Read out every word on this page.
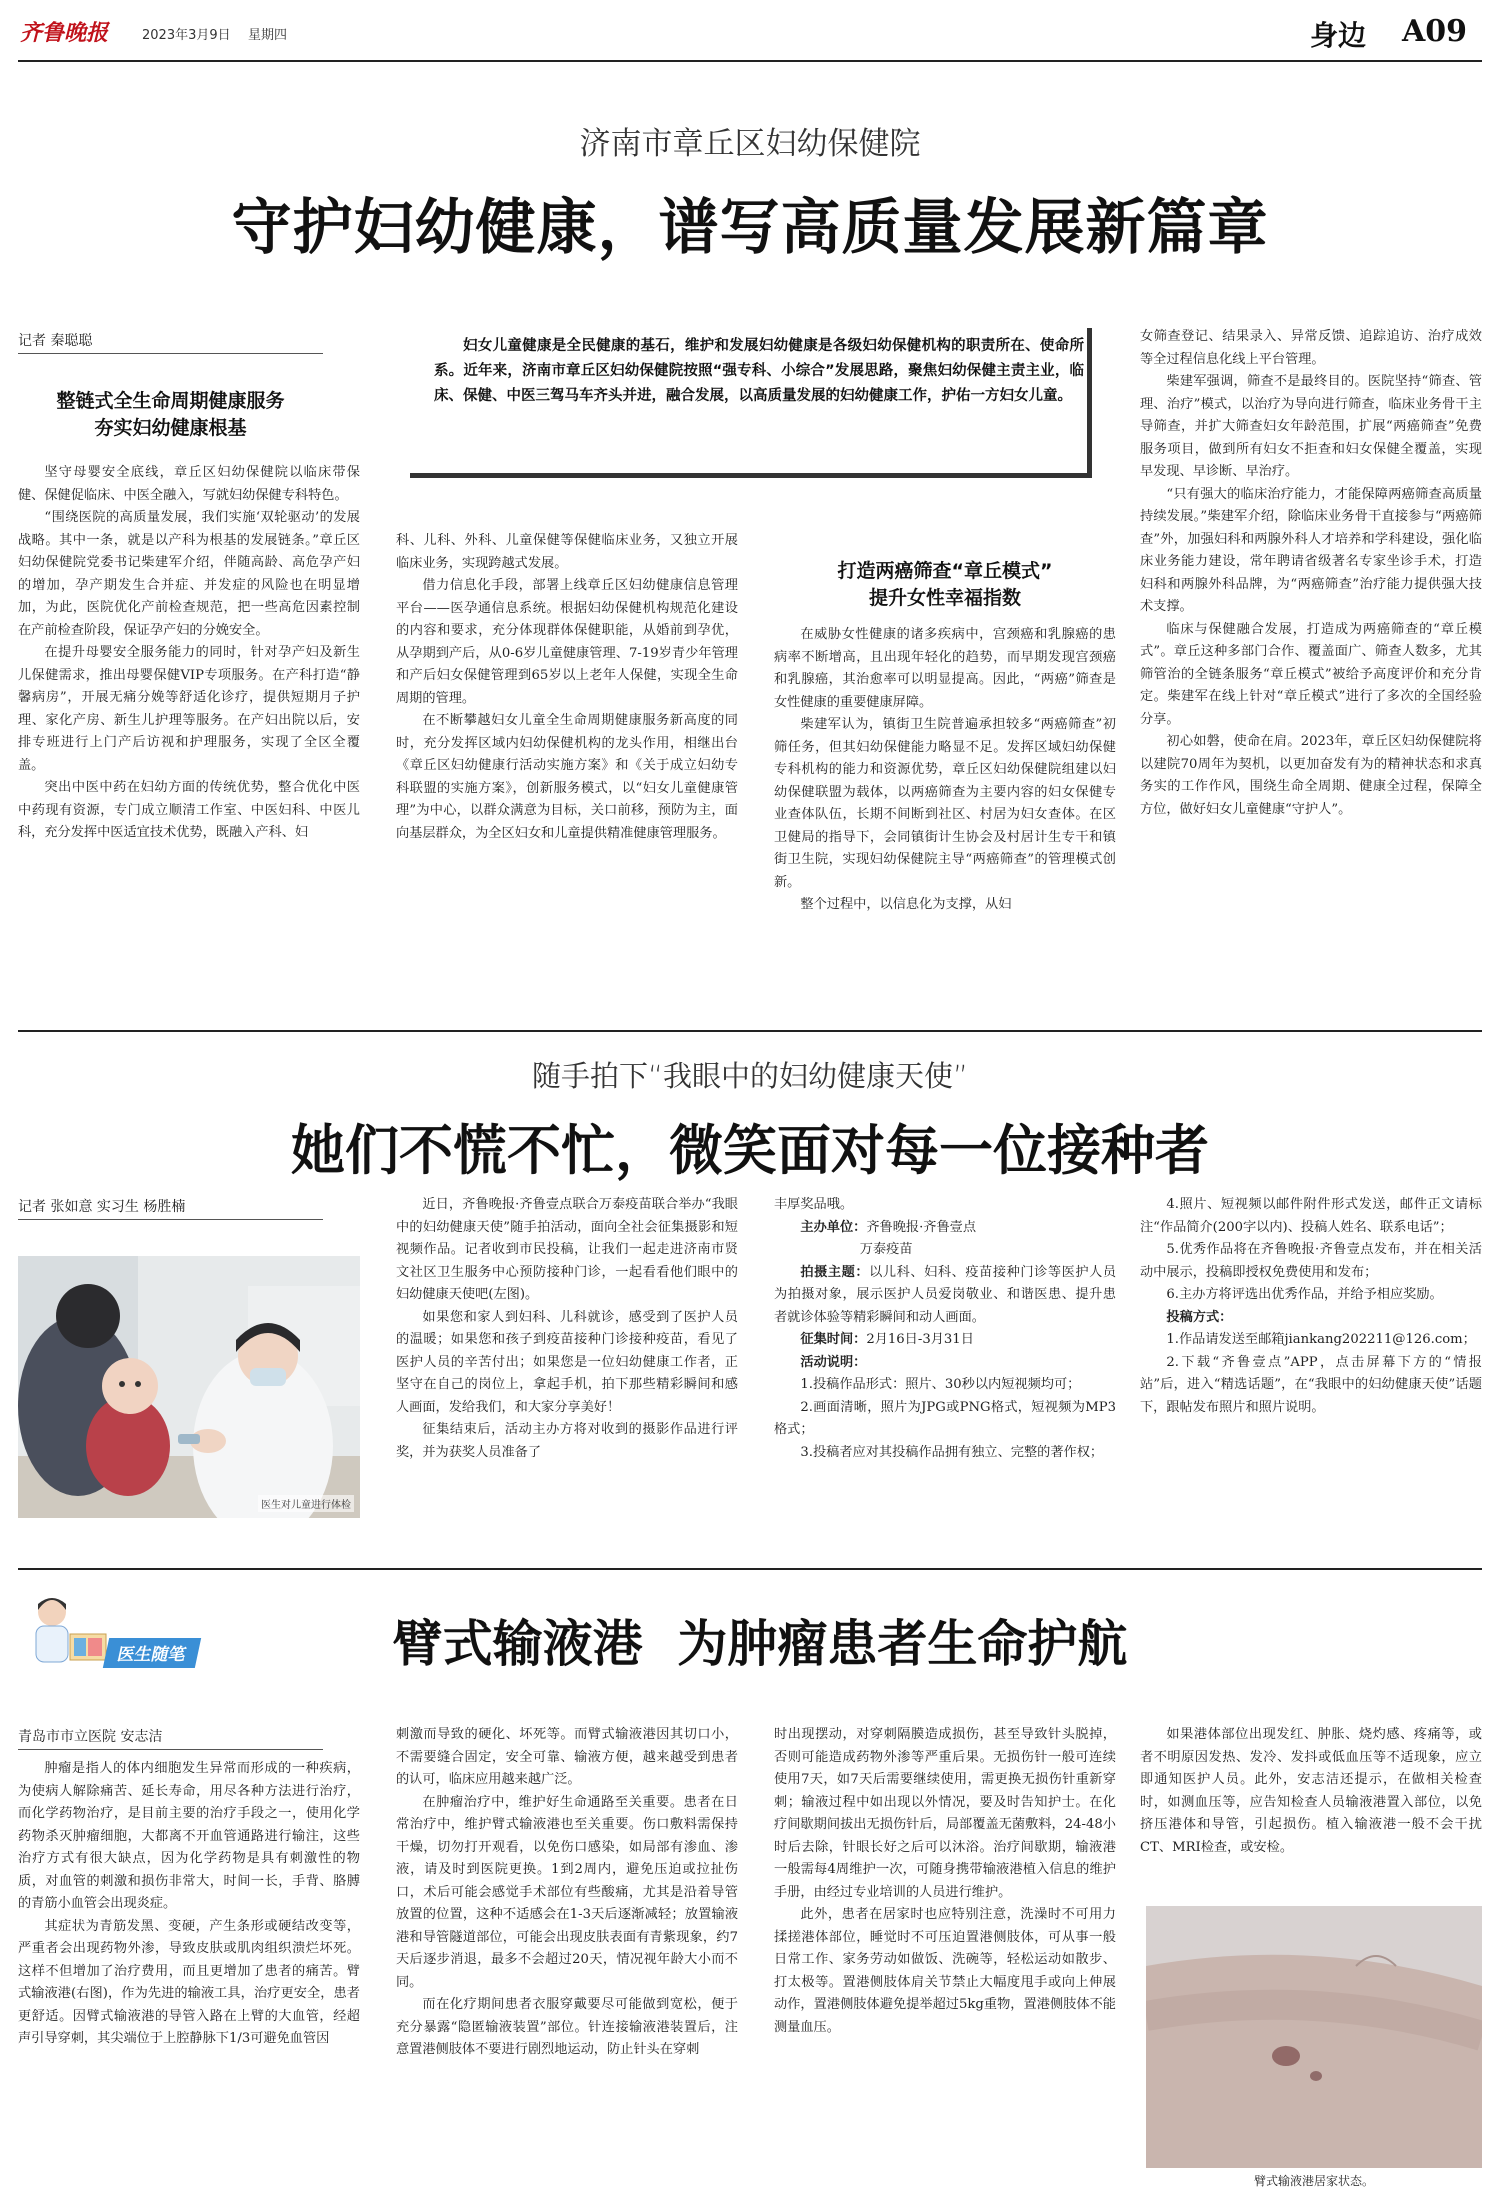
齐鲁晚报	2023年3月9日 星期四	身边 A09
济南市章丘区妇幼保健院
守护妇幼健康，谱写高质量发展新篇章
记者 秦聪聪	妇女儿童健康是全民健康的基石，维护和发展妇幼健康是各级妇幼保健机构的职责所在、使命所系。近年来，济南市章丘区妇幼保健院按照“强专科、小综合”发展思路，聚焦妇幼保健主责主业，临床、保健、中医三驾马车齐头并进，融合发展，以高质量发展的妇幼健康工作，护佑一方妇女儿童。
整链式全生命周期健康服务
夯实妇幼健康根基

坚守母婴安全底线，章丘区妇幼保健院以临床带保健、保健促临床、中医全融入，写就妇幼保健专科特色。

“围绕医院的高质量发展，我们实施‘双轮驱动’的发展战略。其中一条，就是以产科为根基的发展链条。”章丘区妇幼保健院党委书记柴建军介绍，伴随高龄、高危孕产妇的增加，孕产期发生合并症、并发症的风险也在明显增加，为此，医院优化产前检查规范，把一些高危因素控制在产前检查阶段，保证孕产妇的分娩安全。

在提升母婴安全服务能力的同时，针对孕产妇及新生儿保健需求，推出母婴保健VIP专项服务。在产科打造“静馨病房”，开展无痛分娩等舒适化诊疗，提供短期月子护理、家化产房、新生儿护理等服务。在产妇出院以后，安排专班进行上门产后访视和护理服务，实现了全区全覆盖。

突出中医中药在妇幼方面的传统优势，整合优化中医中药现有资源，专门成立顺清工作室、中医妇科、中医儿科，充分发挥中医适宜技术优势，既融入产科、妇

科、儿科、外科、儿童保健等保健临床业务，又独立开展临床业务，实现跨越式发展。

借力信息化手段，部署上线章丘区妇幼健康信息管理平台——医孕通信息系统。根据妇幼保健机构规范化建设的内容和要求，充分体现群体保健职能，从婚前到孕优，从孕期到产后，从0-6岁儿童健康管理、7-19岁青少年管理和产后妇女保健管理到65岁以上老年人保健，实现全生命周期的管理。

在不断攀越妇女儿童全生命周期健康服务新高度的同时，充分发挥区域内妇幼保健机构的龙头作用，相继出台《章丘区妇幼健康行活动实施方案》和《关于成立妇幼专科联盟的实施方案》，创新服务模式，以“妇女儿童健康管理”为中心，以群众满意为目标，关口前移，预防为主，面向基层群众，为全区妇女和儿童提供精准健康管理服务。

打造两癌筛查“章丘模式”
提升女性幸福指数

在威胁女性健康的诸多疾病中，宫颈癌和乳腺癌的患病率不断增高，且出现年轻化的趋势，而早期发现宫颈癌和乳腺癌，其治愈率可以明显提高。因此，“两癌”筛查是女性健康的重要健康屏障。

柴建军认为，镇街卫生院普遍承担较多“两癌筛查”初筛任务，但其妇幼保健能力略显不足。发挥区域妇幼保健专科机构的能力和资源优势，章丘区妇幼保健院组建以妇幼保健联盟为载体，以两癌筛查为主要内容的妇女保健专业查体队伍，长期不间断到社区、村居为妇女查体。在区卫健局的指导下，会同镇街计生协会及村居计生专干和镇街卫生院，实现妇幼保健院主导“两癌筛查”的管理模式创新。

整个过程中，以信息化为支撑，从妇

女筛查登记、结果录入、异常反馈、追踪追访、治疗成效等全过程信息化线上平台管理。

柴建军强调，筛查不是最终目的。医院坚持“筛查、管理、治疗”模式，以治疗为导向进行筛查，临床业务骨干主导筛查，并扩大筛查妇女年龄范围，扩展“两癌筛查”免费服务项目，做到所有妇女不拒查和妇女保健全覆盖，实现早发现、早诊断、早治疗。

“只有强大的临床治疗能力，才能保障两癌筛查高质量持续发展。”柴建军介绍，除临床业务骨干直接参与“两癌筛查”外，加强妇科和两腺外科人才培养和学科建设，强化临床业务能力建设，常年聘请省级著名专家坐诊手术，打造妇科和两腺外科品牌，为“两癌筛查”治疗能力提供强大技术支撑。

临床与保健融合发展，打造成为两癌筛查的“章丘模式”。章丘这种多部门合作、覆盖面广、筛查人数多，尤其筛管治的全链条服务“章丘模式”被给予高度评价和充分肯定。柴建军在线上针对“章丘模式”进行了多次的全国经验分享。

初心如磐，使命在肩。2023年，章丘区妇幼保健院将以建院70周年为契机，以更加奋发有为的精神状态和求真务实的工作作风，围绕生命全周期、健康全过程，保障全方位，做好妇女儿童健康“守护人”。

随手拍下“我眼中的妇幼健康天使”
她们不慌不忙，微笑面对每一位接种者
记者 张如意 实习生 杨胜楠
医生对儿童进行体检

近日，齐鲁晚报·齐鲁壹点联合万泰疫苗联合举办“我眼中的妇幼健康天使”随手拍活动，面向全社会征集摄影和短视频作品。记者收到市民投稿，让我们一起走进济南市贤文社区卫生服务中心预防接种门诊，一起看看他们眼中的妇幼健康天使吧(左图)。

如果您和家人到妇科、儿科就诊，感受到了医护人员的温暖；如果您和孩子到疫苗接种门诊接种疫苗，看见了医护人员的辛苦付出；如果您是一位妇幼健康工作者，正坚守在自己的岗位上，拿起手机，拍下那些精彩瞬间和感人画面，发给我们，和大家分享美好！

征集结束后，活动主办方将对收到的摄影作品进行评奖，并为获奖人员准备了

丰厚奖品哦。

主办单位：齐鲁晚报·齐鲁壹点

万泰疫苗

拍摄主题：以儿科、妇科、疫苗接种门诊等医护人员为拍摄对象，展示医护人员爱岗敬业、和谐医患、提升患者就诊体验等精彩瞬间和动人画面。

征集时间：2月16日-3月31日

活动说明：

1.投稿作品形式：照片、30秒以内短视频均可；

2.画面清晰，照片为JPG或PNG格式，短视频为MP3格式；

3.投稿者应对其投稿作品拥有独立、完整的著作权；

4.照片、短视频以邮件附件形式发送，邮件正文请标注“作品简介(200字以内)、投稿人姓名、联系电话”；

5.优秀作品将在齐鲁晚报·齐鲁壹点发布，并在相关活动中展示，投稿即授权免费使用和发布；

6.主办方将评选出优秀作品，并给予相应奖励。

投稿方式：

1.作品请发送至邮箱jiankang202211@126.com；

2.下载“齐鲁壹点”APP，点击屏幕下方的“情报站”后，进入“精选话题”，在“我眼中的妇幼健康天使”话题下，跟帖发布照片和照片说明。

医生随笔	臂式输液港  为肿瘤患者生命护航
青岛市市立医院 安志洁

肿瘤是指人的体内细胞发生异常而形成的一种疾病，为使病人解除痛苦、延长寿命，用尽各种方法进行治疗，而化学药物治疗，是目前主要的治疗手段之一，使用化学药物杀灭肿瘤细胞，大都离不开血管通路进行输注，这些治疗方式有很大缺点，因为化学药物是具有刺激性的物质，对血管的刺激和损伤非常大，时间一长，手背、胳膊的青筋小血管会出现炎症。

其症状为青筋发黑、变硬，产生条形或硬结改变等，严重者会出现药物外渗，导致皮肤或肌肉组织溃烂坏死。这样不但增加了治疗费用，而且更增加了患者的痛苦。臂式输液港(右图)，作为先进的输液工具，治疗更安全，患者更舒适。因臂式输液港的导管入路在上臂的大血管，经超声引导穿刺，其尖端位于上腔静脉下1/3可避免血管因

刺激而导致的硬化、坏死等。而臂式输液港因其切口小，不需要缝合固定，安全可靠、输液方便，越来越受到患者的认可，临床应用越来越广泛。

在肿瘤治疗中，维护好生命通路至关重要。患者在日常治疗中，维护臂式输液港也至关重要。伤口敷料需保持干燥，切勿打开观看，以免伤口感染，如局部有渗血、渗液，请及时到医院更换。1到2周内，避免压迫或拉扯伤口，术后可能会感觉手术部位有些酸痛，尤其是沿着导管放置的位置，这种不适感会在1-3天后逐渐减轻；放置输液港和导管隧道部位，可能会出现皮肤表面有青紫现象，约7天后逐步消退，最多不会超过20天，情况视年龄大小而不同。

而在化疗期间患者衣服穿戴要尽可能做到宽松，便于充分暴露“隐匿输液装置”部位。针连接输液港装置后，注意置港侧肢体不要进行剧烈地运动，防止针头在穿刺

时出现摆动，对穿刺隔膜造成损伤，甚至导致针头脱掉，否则可能造成药物外渗等严重后果。无损伤针一般可连续使用7天，如7天后需要继续使用，需更换无损伤针重新穿刺；输液过程中如出现以外情况，要及时告知护士。在化疗间歇期间拔出无损伤针后，局部覆盖无菌敷料，24-48小时后去除，针眼长好之后可以沐浴。治疗间歇期，输液港一般需每4周维护一次，可随身携带输液港植入信息的维护手册，由经过专业培训的人员进行维护。

此外，患者在居家时也应特别注意，洗澡时不可用力揉搓港体部位，睡觉时不可压迫置港侧肢体，可从事一般日常工作、家务劳动如做饭、洗碗等，轻松运动如散步、打太极等。置港侧肢体肩关节禁止大幅度甩手或向上伸展动作，置港侧肢体避免提举超过5kg重物，置港侧肢体不能测量血压。

如果港体部位出现发红、肿胀、烧灼感、疼痛等，或者不明原因发热、发冷、发抖或低血压等不适现象，应立即通知医护人员。此外，安志洁还提示，在做相关检查时，如测血压等，应告知检查人员输液港置入部位，以免挤压港体和导管，引起损伤。植入输液港一般不会干扰CT、MRI检查，或安检。

臂式输液港居家状态。
